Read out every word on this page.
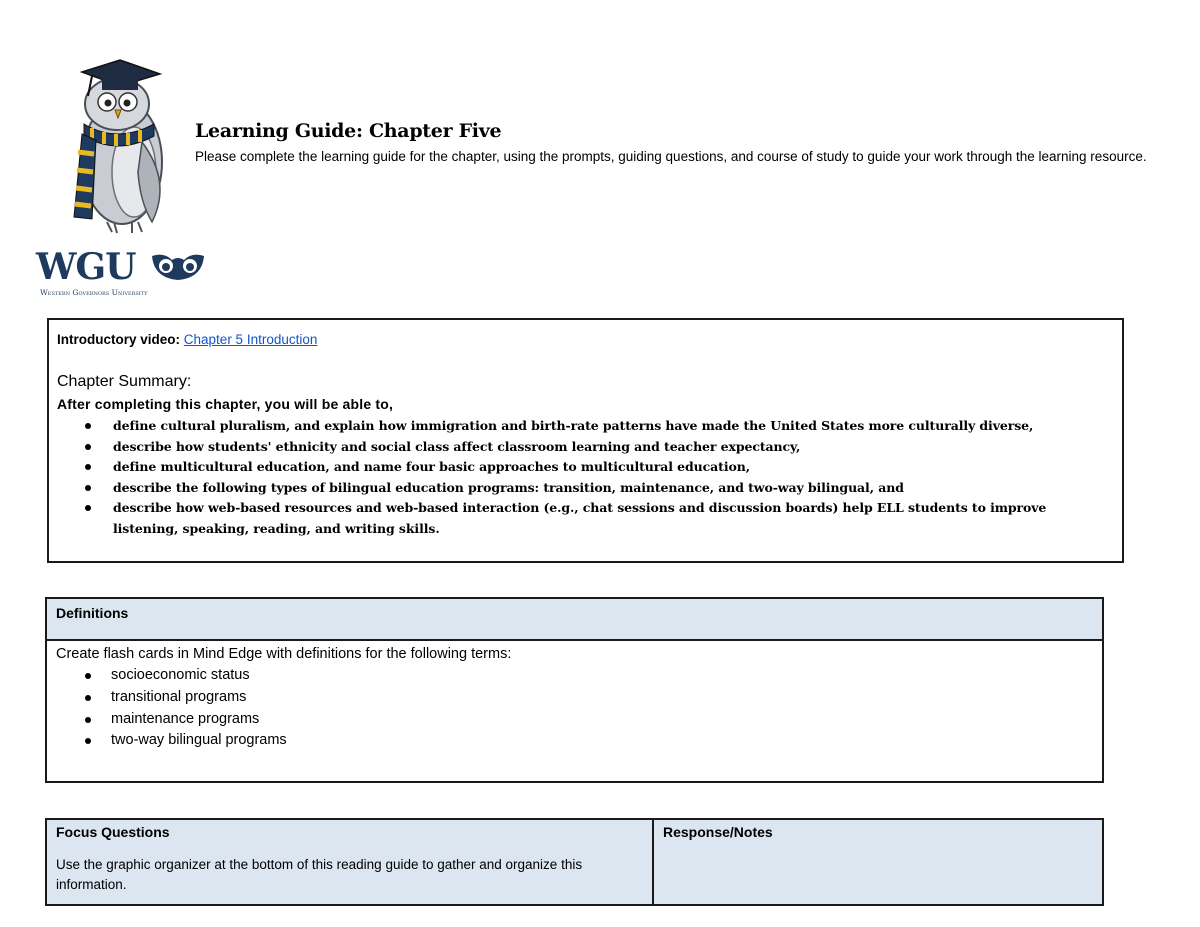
WGU
Western Governors University
Learning Guide: Chapter Five

Please complete the learning guide for the chapter, using the prompts, guiding questions, and course of study to guide your work through the learning resource.

Introductory video: Chapter 5 Introduction
Chapter Summary:
After completing this chapter, you will be able to,
define cultural pluralism, and explain how immigration and birth-rate patterns have made the United States more culturally diverse,
describe how students' ethnicity and social class affect classroom learning and teacher expectancy,
define multicultural education, and name four basic approaches to multicultural education,
describe the following types of bilingual education programs: transition, maintenance, and two-way bilingual, and
describe how web-based resources and web-based interaction (e.g., chat sessions and discussion boards) help ELL students to improve listening, speaking, reading, and writing skills.
Definitions
Create flash cards in Mind Edge with definitions for the following terms:
socioeconomic status
transitional programs
maintenance programs
two-way bilingual programs
Focus Questions
Use the graphic organizer at the bottom of this reading guide to gather and organize this information.
Response/Notes
